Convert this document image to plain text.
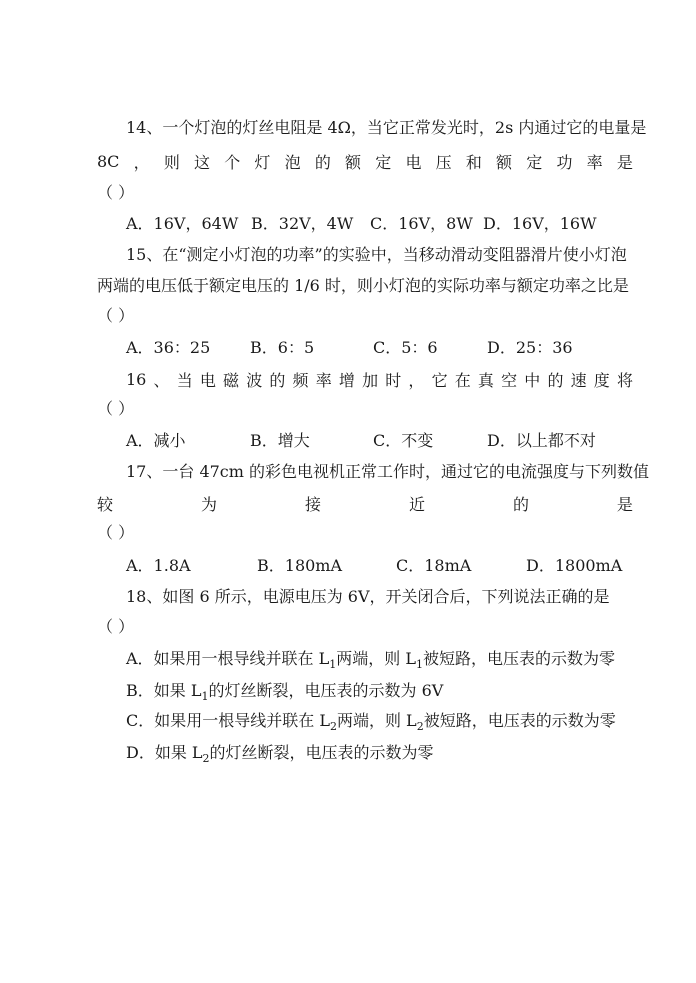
14、一个灯泡的灯丝电阻是 4Ω，当它正常发光时，2s 内通过它的电量是
8C ， 则 这 个 灯 泡 的 额 定 电 压 和 额 定 功 率 是
（ ）
A．16V，64W B．32V，4W C．16V，8W D．16V，16W
15、在“测定小灯泡的功率”的实验中，当移动滑动变阻器滑片使小灯泡
两端的电压低于额定电压的 1/6 时，则小灯泡的实际功率与额定功率之比是
（ ）
A．36：25 B．6：5	C．5：6	D．25：36
16 、 当 电 磁 波 的 频 率 增 加 时 ， 它 在 真 空 中 的 速 度 将
（ ）
A．减小	B．增大	C．不变	D．以上都不对
17、一台 47cm 的彩色电视机正常工作时，通过它的电流强度与下列数值
较	为	接	近	的	是
（ ）
A．1.8A	B．180mA	C．18mA	D．1800mA
18、如图 6 所示，电源电压为 6V，开关闭合后，下列说法正确的是
（ ）
A．如果用一根导线并联在 $L_1$两端，则 $L_1$被短路，电压表的示数为零
B．如果 $L_1$的灯丝断裂，电压表的示数为 6V
C．如果用一根导线并联在 $L_2$两端，则 $L_2$被短路，电压表的示数为零
D．如果 $L_2$的灯丝断裂，电压表的示数为零
